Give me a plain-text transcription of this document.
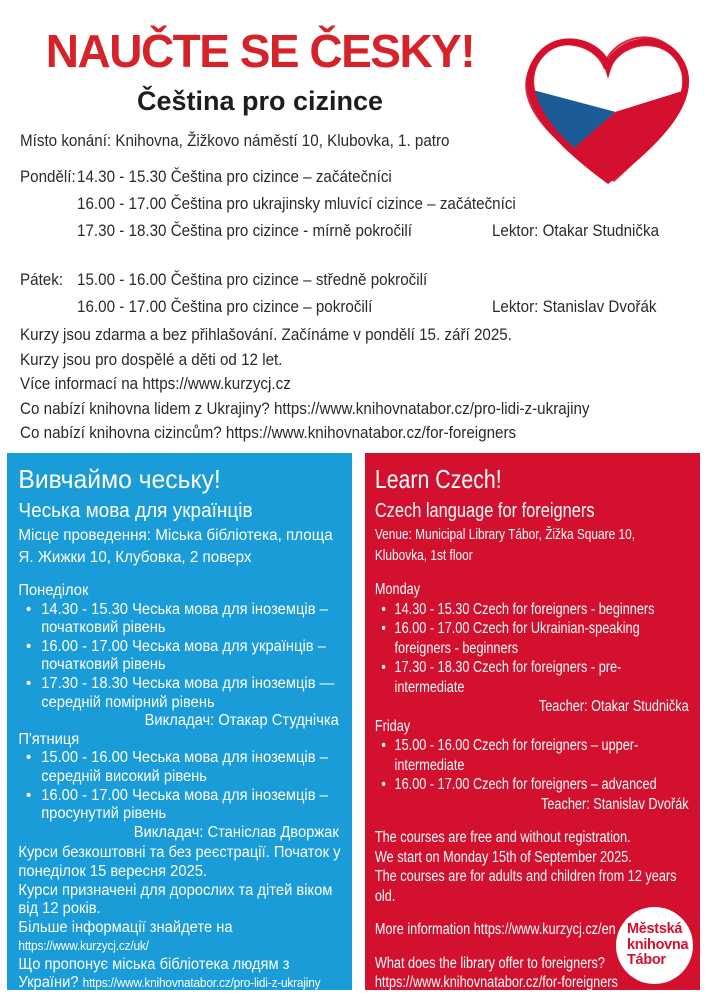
NAUČTE SE ČESKY!
Čeština pro cizince
Místo konání: Knihovna, Žižkovo náměstí 10, Klubovka, 1. patro
Pondělí: 14.30 - 15.30 Čeština pro cizince – začátečníci
16.00 - 17.00 Čeština pro ukrajinsky mluvící cizince – začátečníci
17.30 - 18.30 Čeština pro cizince - mírně pokročilí	Lektor: Otakar Studnička
Pátek: 15.00 - 16.00 Čeština pro cizince – středně pokročilí
16.00 - 17.00 Čeština pro cizince – pokročilí	Lektor: Stanislav Dvořák
Kurzy jsou zdarma a bez přihlašování. Začínáme v pondělí 15. září 2025.
Kurzy jsou pro dospělé a děti od 12 let.
Více informací na https://www.kurzycj.cz
Co nabízí knihovna lidem z Ukrajiny? https://www.knihovnatabor.cz/pro-lidi-z-ukrajiny
Co nabízí knihovna cizincům? https://www.knihovnatabor.cz/for-foreigners
Вивчаймо чеську!
Чеська мова для українців
Місце проведення: Міська бібліотека, площа Я. Жижки 10, Клубовка, 2 поверх
Понеділок
• 14.30 - 15.30 Чеська мова для іноземців – початковий рівень
• 16.00 - 17.00 Чеська мова для українців – початковий рівень
• 17.30 - 18.30 Чеська мова для іноземців — середній помірний рівень
Викладач: Отакар Студнічка
П'ятниця
• 15.00 - 16.00 Чеська мова для іноземців – середній високий рівень
• 16.00 - 17.00 Чеська мова для іноземців – просунутий рівень
Викладач: Станіслав Дворжак
Курси безкоштовні та без реєстрації. Початок у понеділок 15 вересня 2025.
Курси призначені для дорослих та дітей віком від 12 років.
Більше інформації знайдете на
https://www.kurzycj.cz/uk/
Що пропонує міська бібліотека людям з
України? https://www.knihovnatabor.cz/pro-lidi-z-ukrajiny
Learn Czech!
Czech language for foreigners
Venue: Municipal Library Tábor, Žižka Square 10, Klubovka, 1st floor
Monday
• 14.30 - 15.30 Czech for foreigners - beginners
• 16.00 - 17.00 Czech for Ukrainian-speaking foreigners - beginners
• 17.30 - 18.30 Czech for foreigners - pre-intermediate
Teacher: Otakar Studnička
Friday
• 15.00 - 16.00 Czech for foreigners – upper-intermediate
• 16.00 - 17.00 Czech for foreigners – advanced
Teacher: Stanislav Dvořák
The courses are free and without registration.
We start on Monday 15th of September 2025.
The courses are for adults and children from 12 years old.
More information https://www.kurzycj.cz/en
What does the library offer to foreigners?
https://www.knihovnatabor.cz/for-foreigners
Městská
knihovna
Tábor
